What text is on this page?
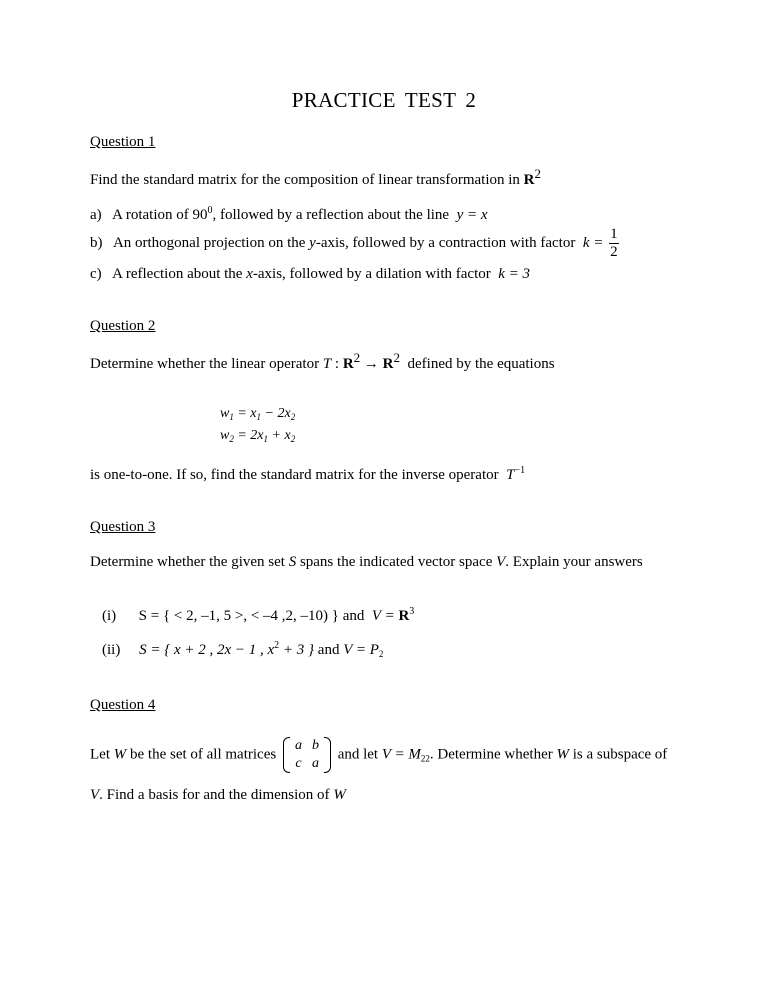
PRACTICE TEST 2
Question 1
Find the standard matrix for the composition of linear transformation in $R^2$
a) A rotation of $90^0$, followed by a reflection about the line y = x
b) An orthogonal projection on the y-axis, followed by a contraction with factor $k = \frac{1}{2}$
c) A reflection about the x-axis, followed by a dilation with factor k = 3
Question 2
Determine whether the linear operator T : $R^2 \to R^2$ defined by the equations
$w_1 = x_1 - 2x_2$
$w_2 = 2x_1 + x_2$
is one-to-one. If so, find the standard matrix for the inverse operator $T^{-1}$
Question 3
Determine whether the given set S spans the indicated vector space V. Explain your answers
(i) S = { < 2, –1, 5 >, < –4 ,2, –10) } and $V = R^3$
(ii) S = { x + 2 , 2x − 1 , $x^2 + 3$ } and $V = P_2$
Question 4
Let W be the set of all matrices
a	b
c	a
and let $V = M_{22}$. Determine whether W is a subspace of
V. Find a basis for and the dimension of W
